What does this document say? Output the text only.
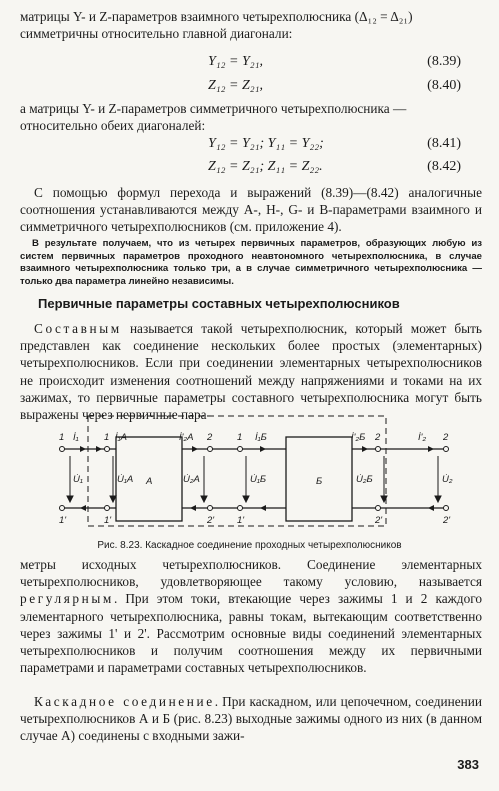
матрицы Y- и Z-параметров взаимного четырехполюсника (Δ₁₂ = Δ₂₁)
симметричны относительно главной диагонали:
Y₁₂ = Y₂₁,	(8.39)
Z₁₂ = Z₂₁,	(8.40)
а матрицы Y- и Z-параметров симметричного четырехполюсника —
относительно обеих диагоналей:
Y₁₂ = Y₂₁; Y₁₁ = Y₂₂;	(8.41)
Z₁₂ = Z₂₁; Z₁₁ = Z₂₂.	(8.42)
С помощью формул перехода и выражений (8.39)—(8.42) аналогичные соотношения устанавливаются между A-, H-, G- и B-параметрами взаимного и симметричного четырехполюсников (см. приложение 4).
В результате получаем, что из четырех первичных параметров, образующих любую из систем первичных параметров проходного неавтономного четырехполюсника, в случае взаимного четырехполюсника только три, а в случае симметричного четырехполюсника — только два параметра линейно независимы.
Первичные параметры составных четырехполюсников
Составным называется такой четырехполюсник, который может быть представлен как соединение нескольких более простых (элементарных) четырехполюсников. Если при соединении элементарных четырехполюсников не происходит изменения соотношений между напряжениями и токами на их зажимах, то первичные параметры составного четырехполюсника могут быть выражены через первичные пара-
А	Б
1
1'
1
1'
2
2'
1
1'
2
2'
2
2'
İ₁
U̇₁
İ₁A
U̇₁A
İ'₂A
U̇₂A
İ₁Б
U̇₁Б
İ'₂Б
U̇₂Б
İ'₂
U̇₂
Рис. 8.23. Каскадное соединение проходных четырехполюсников
метры исходных четырехполюсников. Соединение элементарных четырехполюсников, удовлетворяющее такому условию, называется регулярным. При этом токи, втекающие через зажимы 1 и 2 каждого элементарного четырехполюсника, равны токам, вытекающим соответственно через зажимы 1' и 2'. Рассмотрим основные виды соединений элементарных четырехполюсников и получим соотношения между их первичными параметрами и параметрами составных четырехполюсников.
Каскадное соединение. При каскадном, или цепочечном, соединении четырехполюсников А и Б (рис. 8.23) выходные зажимы одного из них (в данном случае А) соединены с входными зажи-
383
